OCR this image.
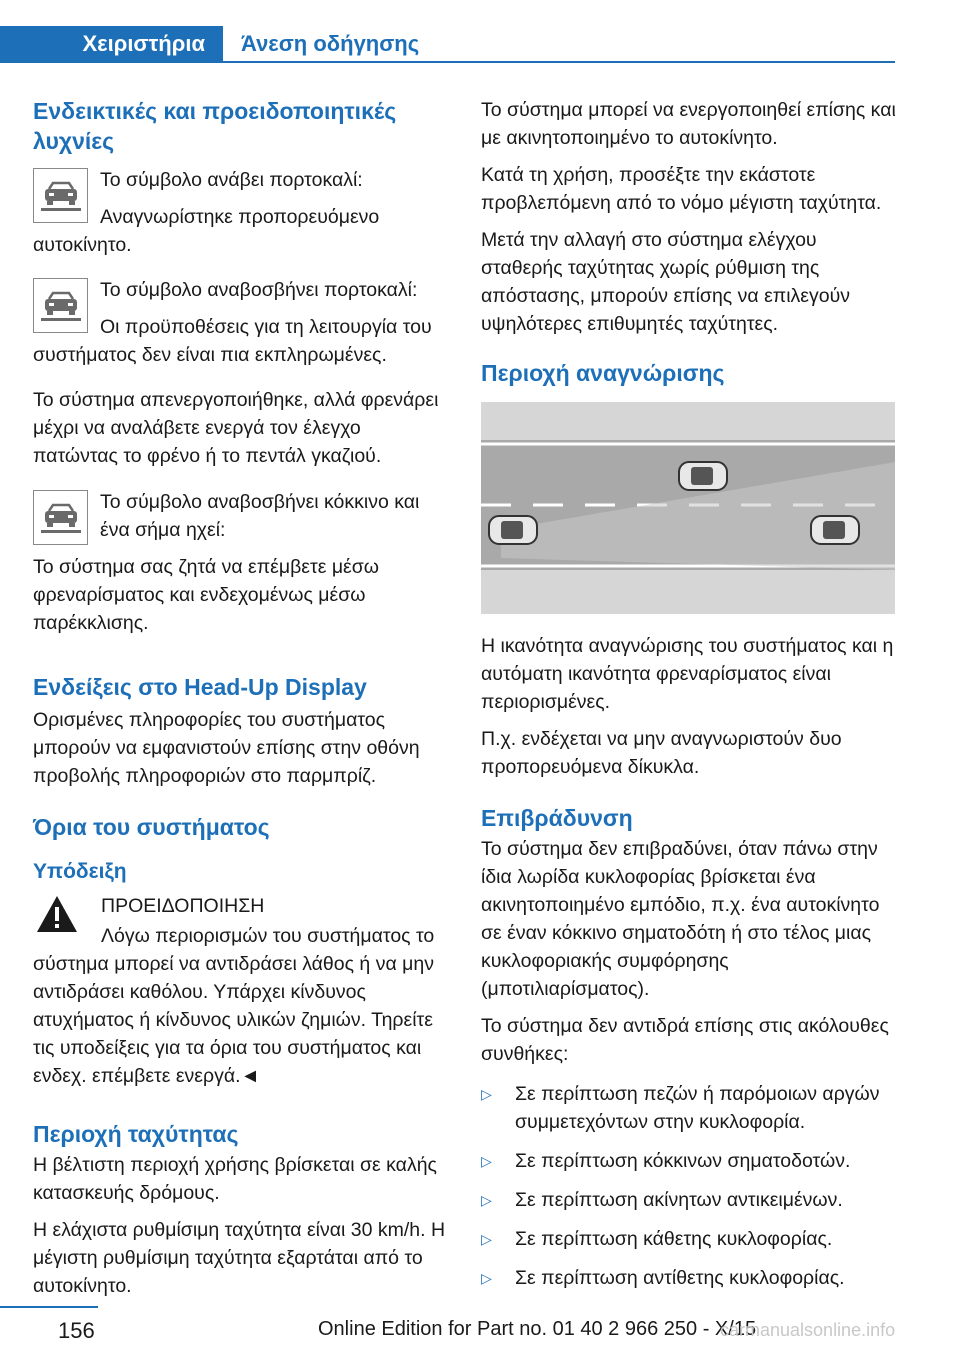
Χειριστήρια	Άνεση οδήγησης
Ενδεικτικές και προειδοποιητικές λυχνίες

Το σύμβολο ανάβει πορτοκαλί:

Αναγνωρίστηκε προπορευόμενο αυτοκίνητο.

Το σύμβολο αναβοσβήνει πορτοκαλί:

Οι προϋποθέσεις για τη λειτουργία του συστήματος δεν είναι πια εκπληρωμένες.

Το σύστημα απενεργοποιήθηκε, αλλά φρενάρει μέχρι να αναλάβετε ενεργά τον έλεγχο πατώντας το φρένο ή το πεντάλ γκαζιού.

Το σύμβολο αναβοσβήνει κόκκινο και ένα σήμα ηχεί:

Το σύστημα σας ζητά να επέμβετε μέσω φρεναρίσματος και ενδεχομένως μέσω παρέκκλισης.

Ενδείξεις στο Head-Up Display

Ορισμένες πληροφορίες του συστήματος μπορούν να εμφανιστούν επίσης στην οθόνη προβολής πληροφοριών στο παρμπρίζ.

Όρια του συστήματος
Υπόδειξη

ΠΡΟΕΙΔΟΠΟΙΗΣΗ

Λόγω περιορισμών του συστήματος το σύστημα μπορεί να αντιδράσει λάθος ή να μην αντιδράσει καθόλου. Υπάρχει κίνδυνος ατυχήματος ή κίνδυνος υλικών ζημιών. Τηρείτε τις υποδείξεις για τα όρια του συστήματος και ενδεχ. επέμβετε ενεργά.◄

Περιοχή ταχύτητας

Η βέλτιστη περιοχή χρήσης βρίσκεται σε καλής κατασκευής δρόμους.

Η ελάχιστα ρυθμίσιμη ταχύτητα είναι 30 km/h. Η μέγιστη ρυθμίσιμη ταχύτητα εξαρτάται από το αυτοκίνητο.

Το σύστημα μπορεί να ενεργοποιηθεί επίσης και με ακινητοποιημένο το αυτοκίνητο.

Κατά τη χρήση, προσέξτε την εκάστοτε προβλεπόμενη από το νόμο μέγιστη ταχύτητα.

Μετά την αλλαγή στο σύστημα ελέγχου σταθερής ταχύτητας χωρίς ρύθμιση της απόστασης, μπορούν επίσης να επιλεγούν υψηλότερες επιθυμητές ταχύτητες.

Περιοχή αναγνώρισης

Η ικανότητα αναγνώρισης του συστήματος και η αυτόματη ικανότητα φρεναρίσματος είναι περιορισμένες.

Π.χ. ενδέχεται να μην αναγνωριστούν δυο προπορευόμενα δίκυκλα.

Επιβράδυνση

Το σύστημα δεν επιβραδύνει, όταν πάνω στην ίδια λωρίδα κυκλοφορίας βρίσκεται ένα ακινητοποιημένο εμπόδιο, π.χ. ένα αυτοκίνητο σε έναν κόκκινο σηματοδότη ή στο τέλος μιας κυκλοφοριακής συμφόρησης (μποτιλιαρίσματος).

Το σύστημα δεν αντιδρά επίσης στις ακόλουθες συνθήκες:

▷ Σε περίπτωση πεζών ή παρόμοιων αργών συμμετεχόντων στην κυκλοφορία.
▷ Σε περίπτωση κόκκινων σηματοδοτών.
▷ Σε περίπτωση ακίνητων αντικειμένων.
▷ Σε περίπτωση κάθετης κυκλοφορίας.
▷ Σε περίπτωση αντίθετης κυκλοφορίας.
156	Online Edition for Part no. 01 40 2 966 250 - X/15
carmanualsonline.info
